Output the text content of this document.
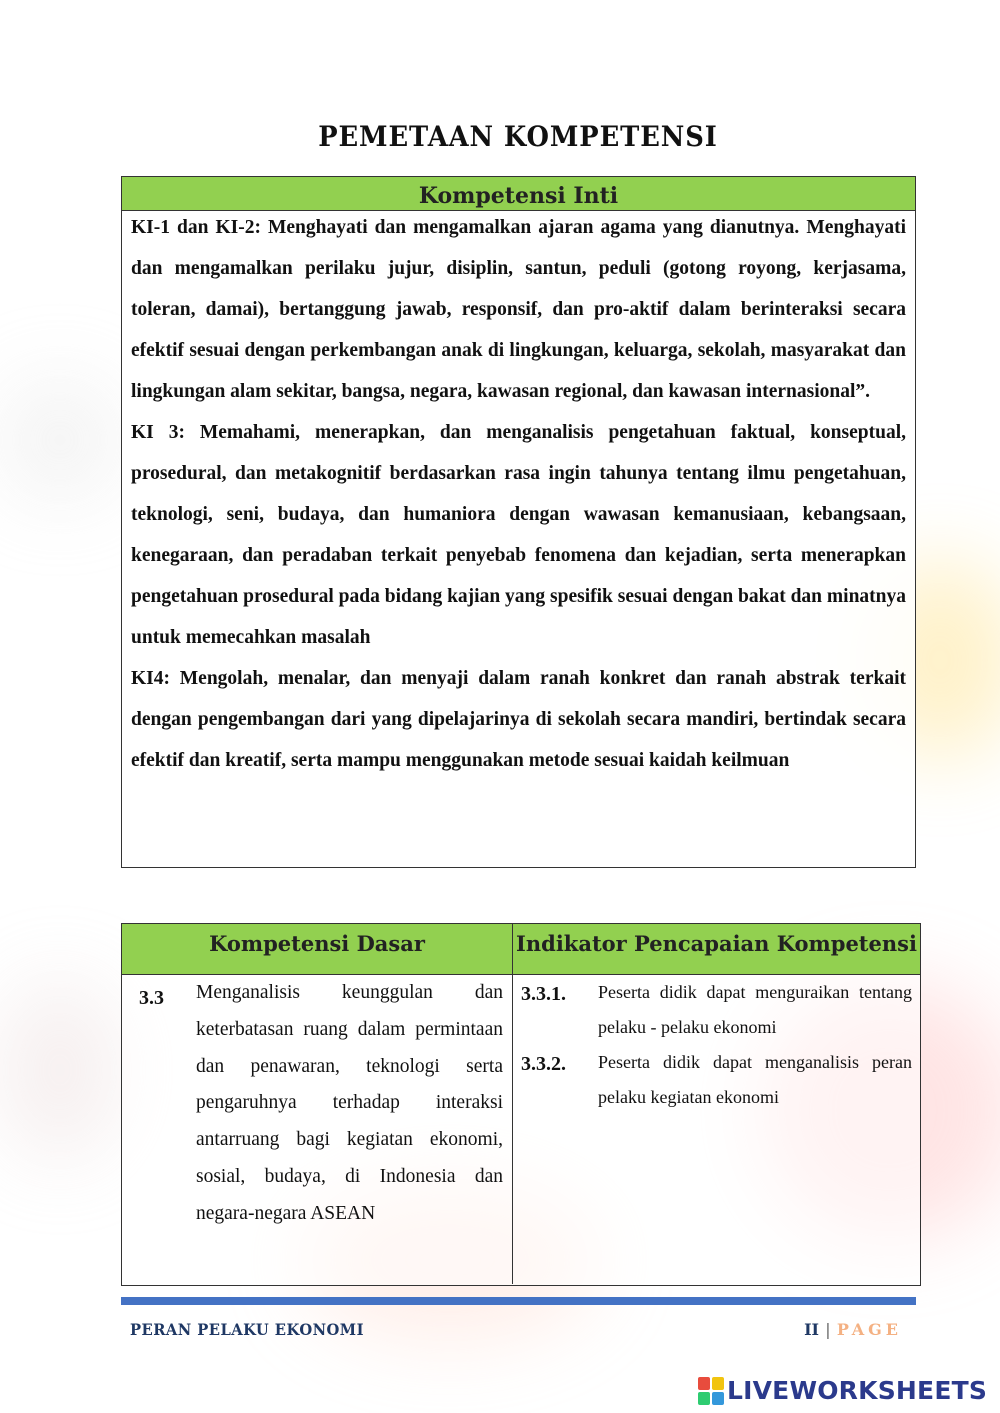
PEMETAAN KOMPETENSI
Kompetensi Inti

KI-1 dan KI-2: Menghayati dan mengamalkan ajaran agama yang dianutnya. Menghayati dan mengamalkan perilaku jujur, disiplin, santun, peduli (gotong royong, kerjasama, toleran, damai), bertanggung jawab, responsif, dan pro-aktif dalam berinteraksi secara efektif sesuai dengan perkembangan anak di lingkungan, keluarga, sekolah, masyarakat dan lingkungan alam sekitar, bangsa, negara, kawasan regional, dan kawasan internasional”.

KI 3: Memahami, menerapkan, dan menganalisis pengetahuan faktual, konseptual, prosedural, dan metakognitif berdasarkan rasa ingin tahunya tentang ilmu pengetahuan, teknologi, seni, budaya, dan humaniora dengan wawasan kemanusiaan, kebangsaan, kenegaraan, dan peradaban terkait penyebab fenomena dan kejadian, serta menerapkan pengetahuan prosedural pada bidang kajian yang spesifik sesuai dengan bakat dan minatnya untuk memecahkan masalah

KI4: Mengolah, menalar, dan menyaji dalam ranah konkret dan ranah abstrak terkait dengan pengembangan dari yang dipelajarinya di sekolah secara mandiri, bertindak secara efektif dan kreatif, serta mampu menggunakan metode sesuai kaidah keilmuan

Kompetensi Dasar	Indikator Pencapaian Kompetensi
3.3 Menganalisis keunggulan dan keterbatasan ruang dalam permintaan dan penawaran, teknologi serta pengaruhnya terhadap interaksi antarruang bagi kegiatan ekonomi, sosial, budaya, di Indonesia dan negara-negara ASEAN
3.3.1. Peserta didik dapat menguraikan tentang pelaku - pelaku ekonomi
3.3.2. Peserta didik dapat menganalisis peran pelaku kegiatan ekonomi
PERAN PELAKU EKONOMI	II | PAGE
LIVEWORKSHEETS
